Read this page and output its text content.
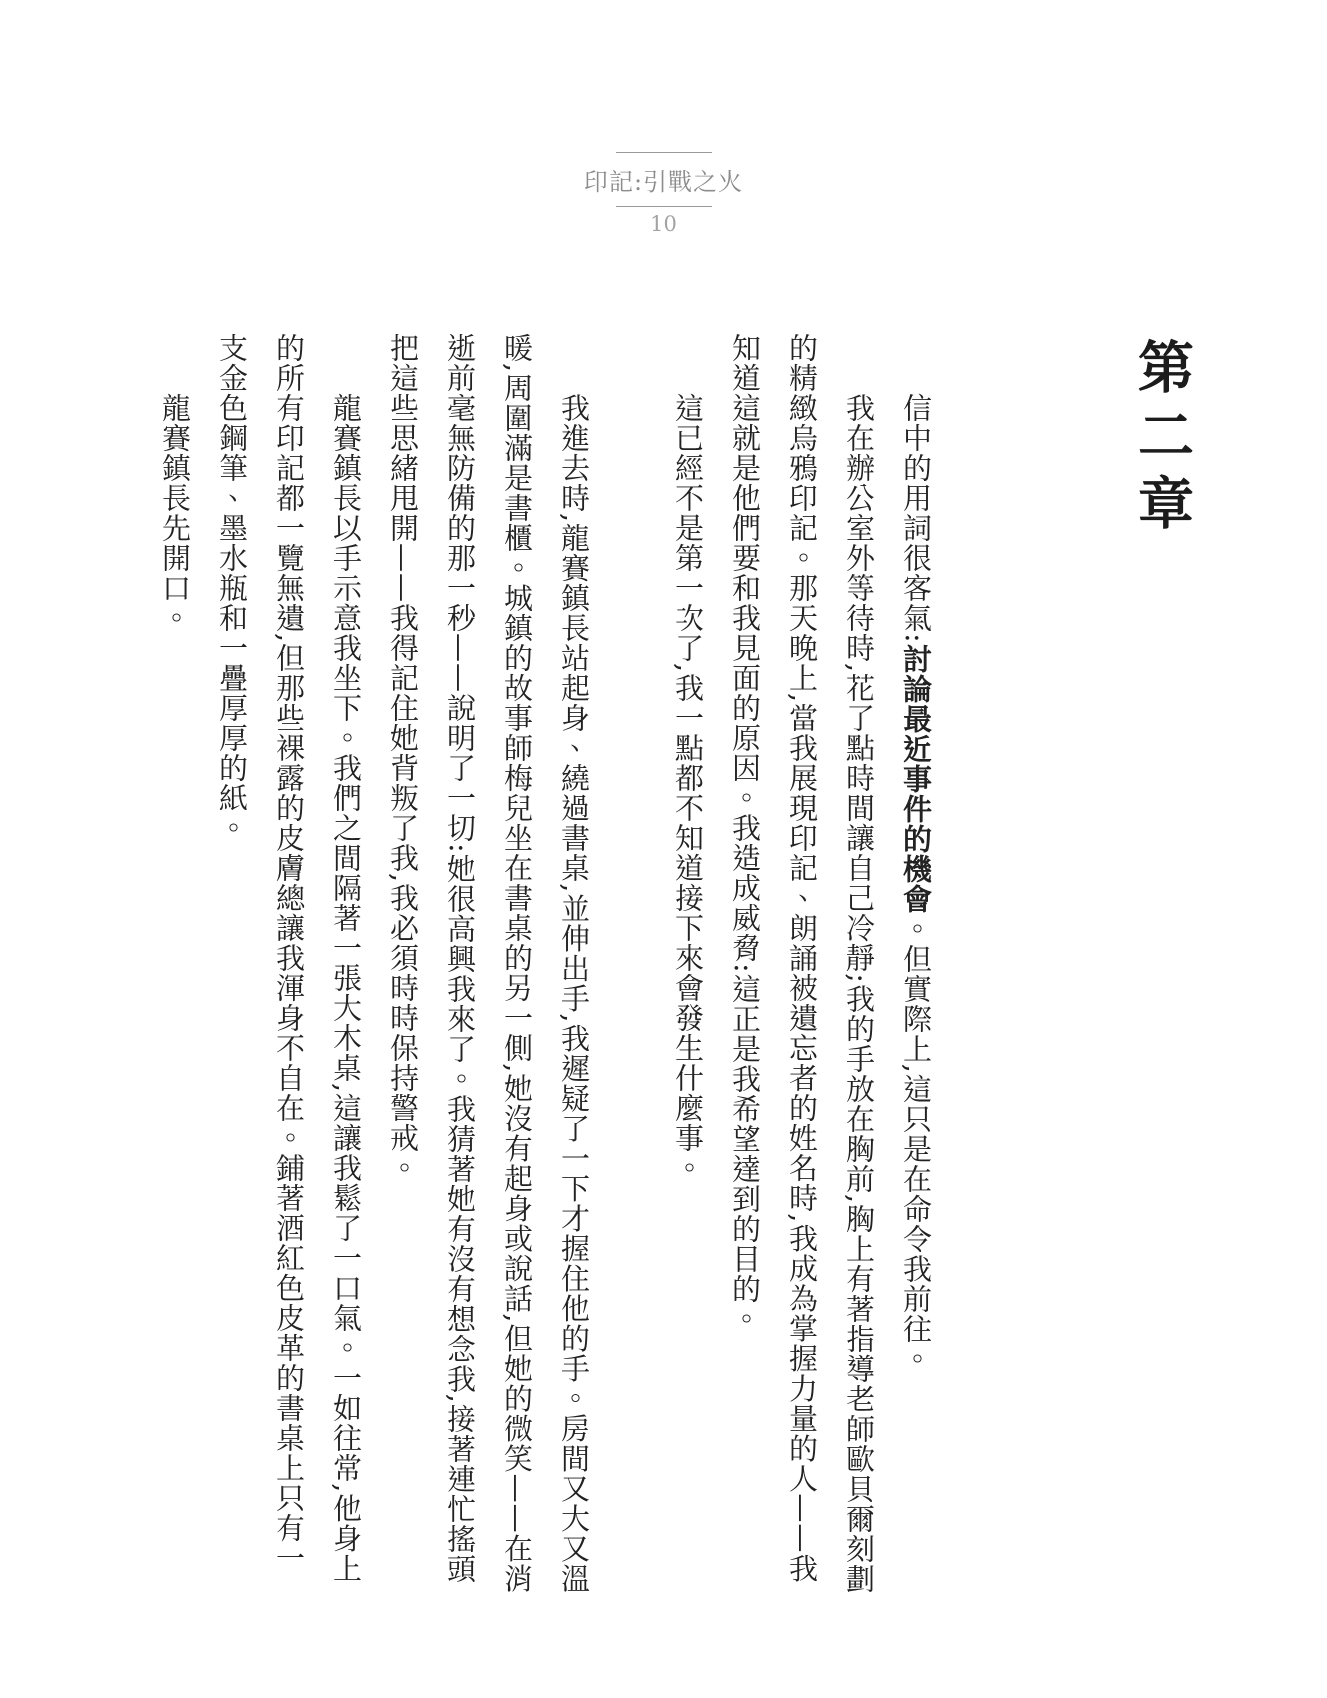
印記:引戰之火
10
第二章

信中的用詞很客氣:討論最近事件的機會。但實際上,這只是在命令我前往。

我在辦公室外等待時,花了點時間讓自己冷靜;我的手放在胸前,胸上有著指導老師歐貝爾刻劃的精緻烏鴉印記。那天晚上,當我展現印記、朗誦被遺忘者的姓名時,我成為掌握力量的人——我知道這就是他們要和我見面的原因。我造成威脅:這正是我希望達到的目的。

這已經不是第一次了,我一點都不知道接下來會發生什麼事。

我進去時,龍賽鎮長站起身、繞過書桌,並伸出手,我遲疑了一下才握住他的手。房間又大又溫暖,周圍滿是書櫃。城鎮的故事師梅兒坐在書桌的另一側,她沒有起身或說話,但她的微笑——在消逝前毫無防備的那一秒——說明了一切:她很高興我來了。我猜著她有沒有想念我,接著連忙搖頭把這些思緒甩開——我得記住她背叛了我,我必須時時保持警戒。

龍賽鎮長以手示意我坐下。我們之間隔著一張大木桌,這讓我鬆了一口氣。一如往常,他身上的所有印記都一覽無遺,但那些裸露的皮膚總讓我渾身不自在。鋪著酒紅色皮革的書桌上只有一支金色鋼筆、墨水瓶和一疊厚厚的紙。

龍賽鎮長先開口。
